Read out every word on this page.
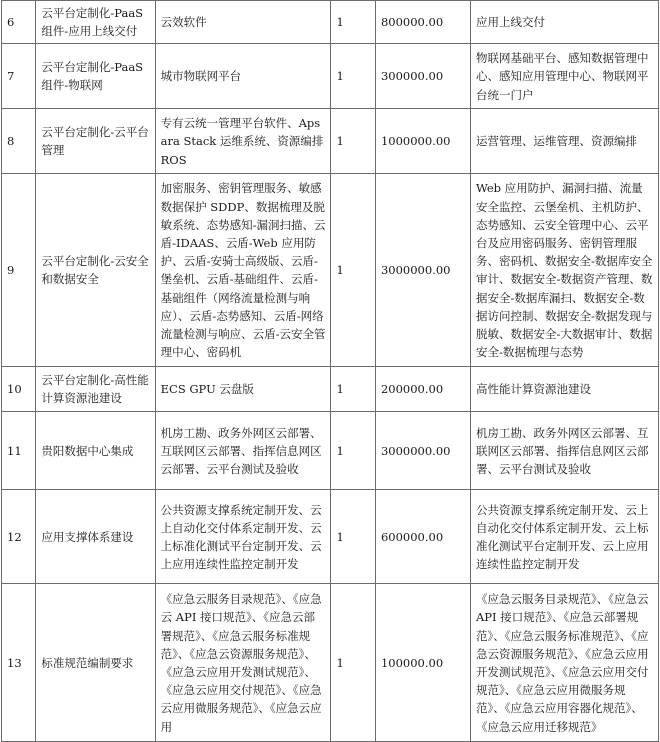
6	云平台定制化-PaaS组件-应用上线交付	云效软件	1	800000.00	应用上线交付
7	云平台定制化-PaaS组件-物联网	城市物联网平台	1	300000.00	物联网基础平台、感知数据管理中心、感知应用管理中心、物联网平台统一门户
8	云平台定制化-云平台管理	专有云统一管理平台软件、Apsara Stack 运维系统、资源编排 ROS	1	1000000.00	运营管理、运维管理、资源编排
9	云平台定制化-云安全和数据安全	加密服务、密钥管理服务、敏感数据保护 SDDP、数据梳理及脱敏系统、态势感知-漏洞扫描、云盾-IDAAS、云盾-Web 应用防护、云盾-安骑士高级版、云盾-堡垒机、云盾-基础组件、云盾-基础组件（网络流量检测与响应）、云盾-态势感知、云盾-网络流量检测与响应、云盾-云安全管理中心、密码机	1	3000000.00	Web 应用防护、漏洞扫描、流量安全监控、云堡垒机、主机防护、态势感知、云安全管理中心、云平台及应用密码服务、密钥管理服务、密码机、数据安全-数据库安全审计、数据安全-数据资产管理、数据安全-数据库漏扫、数据安全-数据访问控制、数据安全-数据发现与脱敏、数据安全-大数据审计、数据安全-数据梳理与态势
10	云平台定制化-高性能计算资源池建设	ECS GPU 云盘版	1	200000.00	高性能计算资源池建设
11	贵阳数据中心集成	机房工勘、政务外网区云部署、互联网区云部署、指挥信息网区云部署、云平台测试及验收	1	3000000.00	机房工勘、政务外网区云部署、互联网区云部署、指挥信息网区云部署、云平台测试及验收
12	应用支撑体系建设	公共资源支撑系统定制开发、云上自动化交付体系定制开发、云上标准化测试平台定制开发、云上应用连续性监控定制开发	1	600000.00	公共资源支撑系统定制开发、云上自动化交付体系定制开发、云上标准化测试平台定制开发、云上应用连续性监控定制开发
13	标准规范编制要求	《应急云服务目录规范》、《应急云 API 接口规范》、《应急云部署规范》、《应急云服务标准规范》、《应急云资源服务规范》、《应急云应用开发测试规范》、《应急云应用交付规范》、《应急云应用微服务规范》、《应急云应用	1	100000.00	《应急云服务目录规范》、《应急云 API 接口规范》、《应急云部署规范》、《应急云服务标准规范》、《应急云资源服务规范》、《应急云应用开发测试规范》、《应急云应用交付规范》、《应急云应用微服务规范》、《应急云应用容器化规范》、《应急云应用迁移规范》
